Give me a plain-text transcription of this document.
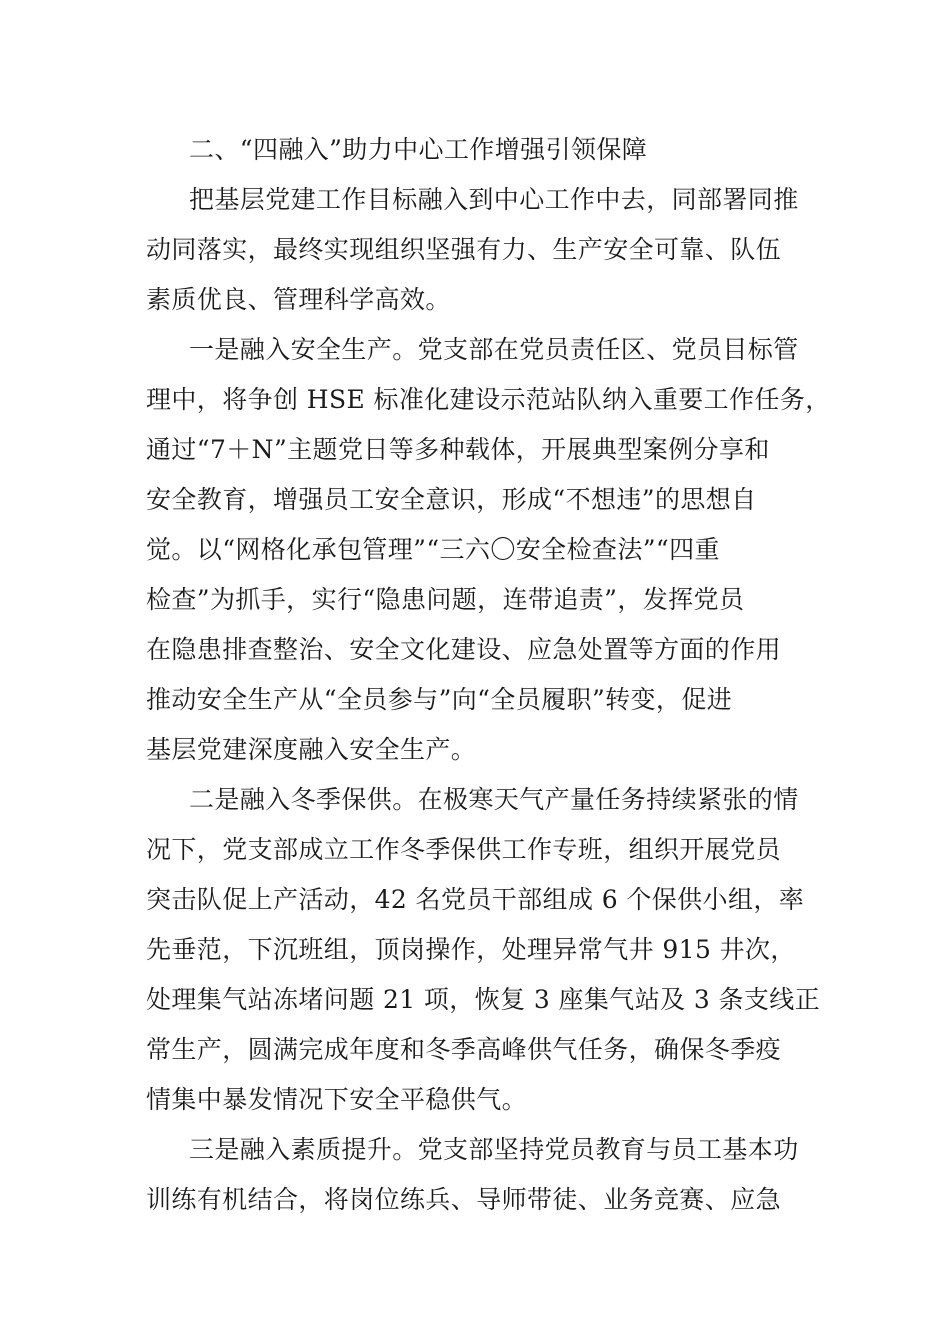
二、“四融入”助力中心工作增强引领保障
把基层党建工作目标融入到中心工作中去，同部署同推
动同落实，最终实现组织坚强有力、生产安全可靠、队伍
素质优良、管理科学高效。
一是融入安全生产。党支部在党员责任区、党员目标管
理中，将争创 HSE 标准化建设示范站队纳入重要工作任务，
通过“7＋N”主题党日等多种载体，开展典型案例分享和
安全教育，增强员工安全意识，形成“不想违”的思想自
觉。以“网格化承包管理”“三六〇安全检查法”“四重
检查”为抓手，实行“隐患问题，连带追责”，发挥党员
在隐患排查整治、安全文化建设、应急处置等方面的作用
推动安全生产从“全员参与”向“全员履职”转变，促进
基层党建深度融入安全生产。
二是融入冬季保供。在极寒天气产量任务持续紧张的情
况下，党支部成立工作冬季保供工作专班，组织开展党员
突击队促上产活动，42 名党员干部组成 6 个保供小组，率
先垂范，下沉班组，顶岗操作，处理异常气井 915 井次，
处理集气站冻堵问题 21 项，恢复 3 座集气站及 3 条支线正
常生产，圆满完成年度和冬季高峰供气任务，确保冬季疫
情集中暴发情况下安全平稳供气。
三是融入素质提升。党支部坚持党员教育与员工基本功
训练有机结合，将岗位练兵、导师带徒、业务竞赛、应急
